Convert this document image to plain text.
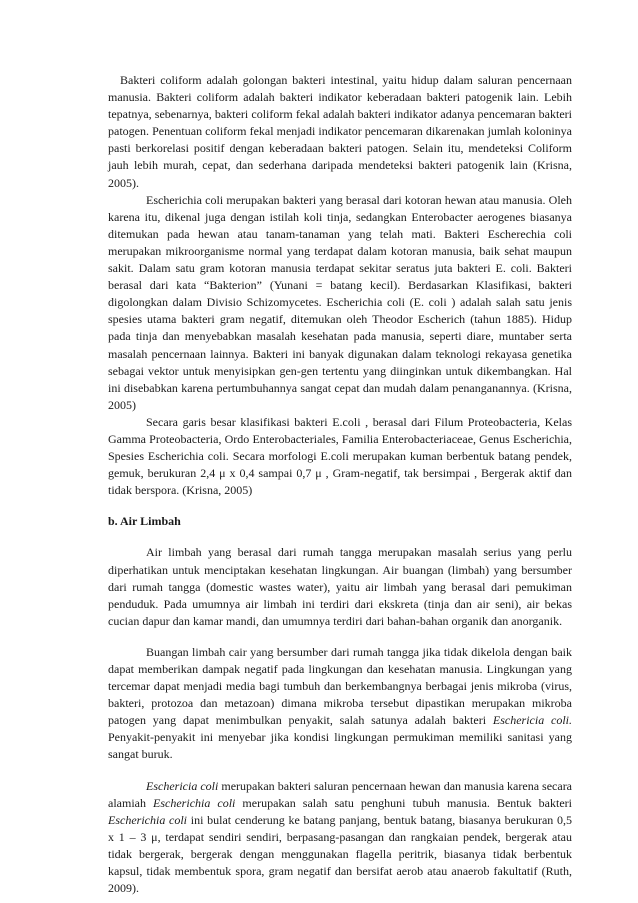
Bakteri coliform adalah golongan bakteri intestinal, yaitu hidup dalam saluran pencernaan manusia. Bakteri coliform adalah bakteri indikator keberadaan bakteri patogenik lain. Lebih tepatnya, sebenarnya, bakteri coliform fekal adalah bakteri indikator adanya pencemaran bakteri patogen. Penentuan coliform fekal menjadi indikator pencemaran dikarenakan jumlah koloninya pasti berkorelasi positif dengan keberadaan bakteri patogen. Selain itu, mendeteksi Coliform jauh lebih murah, cepat, dan sederhana daripada mendeteksi bakteri patogenik lain (Krisna, 2005).

Escherichia coli merupakan bakteri yang berasal dari kotoran hewan atau manusia. Oleh karena itu, dikenal juga dengan istilah koli tinja, sedangkan Enterobacter aerogenes biasanya ditemukan pada hewan atau tanam-tanaman yang telah mati. Bakteri Escherechia coli merupakan mikroorganisme normal yang terdapat dalam kotoran manusia, baik sehat maupun sakit. Dalam satu gram kotoran manusia terdapat sekitar seratus juta bakteri E. coli. Bakteri berasal dari kata “Bakterion” (Yunani = batang kecil). Berdasarkan Klasifikasi, bakteri digolongkan dalam Divisio Schizomycetes. Escherichia coli (E. coli ) adalah salah satu jenis spesies utama bakteri gram negatif, ditemukan oleh Theodor Escherich (tahun 1885). Hidup pada tinja dan menyebabkan masalah kesehatan pada manusia, seperti diare, muntaber serta masalah pencernaan lainnya. Bakteri ini banyak digunakan dalam teknologi rekayasa genetika sebagai vektor untuk menyisipkan gen-gen tertentu yang diinginkan untuk dikembangkan. Hal ini disebabkan karena pertumbuhannya sangat cepat dan mudah dalam penanganannya. (Krisna, 2005)

Secara garis besar klasifikasi bakteri E.coli , berasal dari Filum Proteobacteria, Kelas Gamma Proteobacteria, Ordo Enterobacteriales, Familia Enterobacteriaceae, Genus Escherichia, Spesies Escherichia coli. Secara morfologi E.coli merupakan kuman berbentuk batang pendek, gemuk, berukuran 2,4 μ x 0,4 sampai 0,7 μ , Gram-negatif, tak bersimpai , Bergerak aktif dan tidak berspora. (Krisna, 2005)

b. Air Limbah

Air limbah yang berasal dari rumah tangga merupakan masalah serius yang perlu diperhatikan untuk menciptakan kesehatan lingkungan. Air buangan (limbah) yang bersumber dari rumah tangga (domestic wastes water), yaitu air limbah yang berasal dari pemukiman penduduk. Pada umumnya air limbah ini terdiri dari ekskreta (tinja dan air seni), air bekas cucian dapur dan kamar mandi, dan umumnya terdiri dari bahan-bahan organik dan anorganik.

Buangan limbah cair yang bersumber dari rumah tangga jika tidak dikelola dengan baik dapat memberikan dampak negatif pada lingkungan dan kesehatan manusia. Lingkungan yang tercemar dapat menjadi media bagi tumbuh dan berkembangnya berbagai jenis mikroba (virus, bakteri, protozoa dan metazoan) dimana mikroba tersebut dipastikan merupakan mikroba patogen yang dapat menimbulkan penyakit, salah satunya adalah bakteri Eschericia coli. Penyakit-penyakit ini menyebar jika kondisi lingkungan permukiman memiliki sanitasi yang sangat buruk.

Eschericia coli merupakan bakteri saluran pencernaan hewan dan manusia karena secara alamiah Escherichia coli merupakan salah satu penghuni tubuh manusia. Bentuk bakteri Escherichia coli ini bulat cenderung ke batang panjang, bentuk batang, biasanya berukuran 0,5 x 1 – 3 μ, terdapat sendiri sendiri, berpasang-pasangan dan rangkaian pendek, bergerak atau tidak bergerak, bergerak dengan menggunakan flagella peritrik, biasanya tidak berbentuk kapsul, tidak membentuk spora, gram negatif dan bersifat aerob atau anaerob fakultatif (Ruth, 2009).
